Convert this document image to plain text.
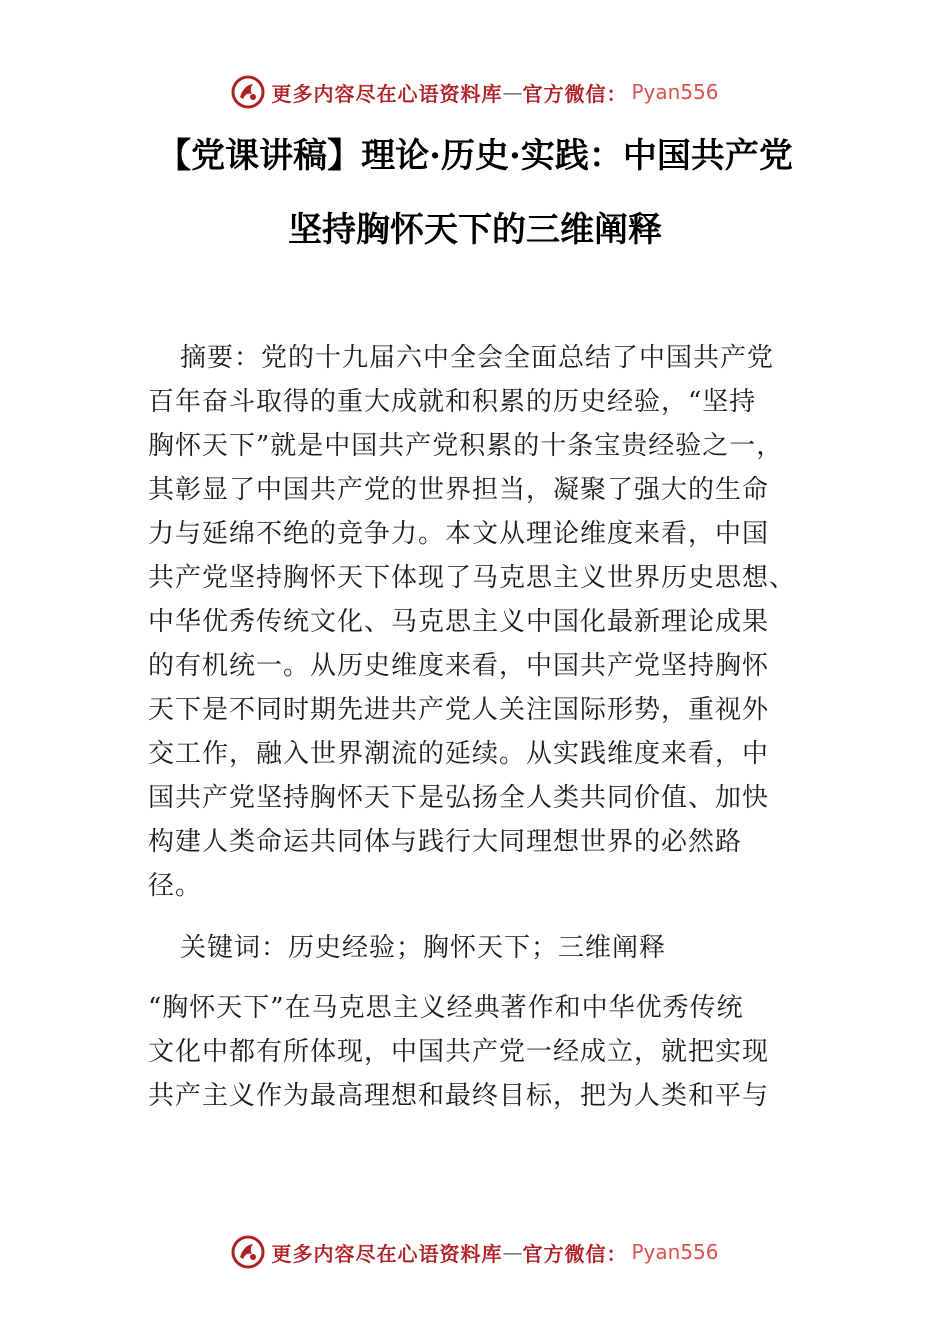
更多内容尽在心语资料库 — 官方微信： Pyan556
【党课讲稿】理论·历史·实践：中国共产党
坚持胸怀天下的三维阐释
摘要：党的十九届六中全会全面总结了中国共产党
百年奋斗取得的重大成就和积累的历史经验，“坚持
胸怀天下”就是中国共产党积累的十条宝贵经验之一，
其彰显了中国共产党的世界担当，凝聚了强大的生命
力与延绵不绝的竞争力。本文从理论维度来看，中国
共产党坚持胸怀天下体现了马克思主义世界历史思想、
中华优秀传统文化、马克思主义中国化最新理论成果
的有机统一。从历史维度来看，中国共产党坚持胸怀
天下是不同时期先进共产党人关注国际形势，重视外
交工作，融入世界潮流的延续。从实践维度来看，中
国共产党坚持胸怀天下是弘扬全人类共同价值、加快
构建人类命运共同体与践行大同理想世界的必然路
径。
关键词：历史经验；胸怀天下；三维阐释
“胸怀天下”在马克思主义经典著作和中华优秀传统
文化中都有所体现，中国共产党一经成立，就把实现
共产主义作为最高理想和最终目标，把为人类和平与
更多内容尽在心语资料库 — 官方微信： Pyan556
